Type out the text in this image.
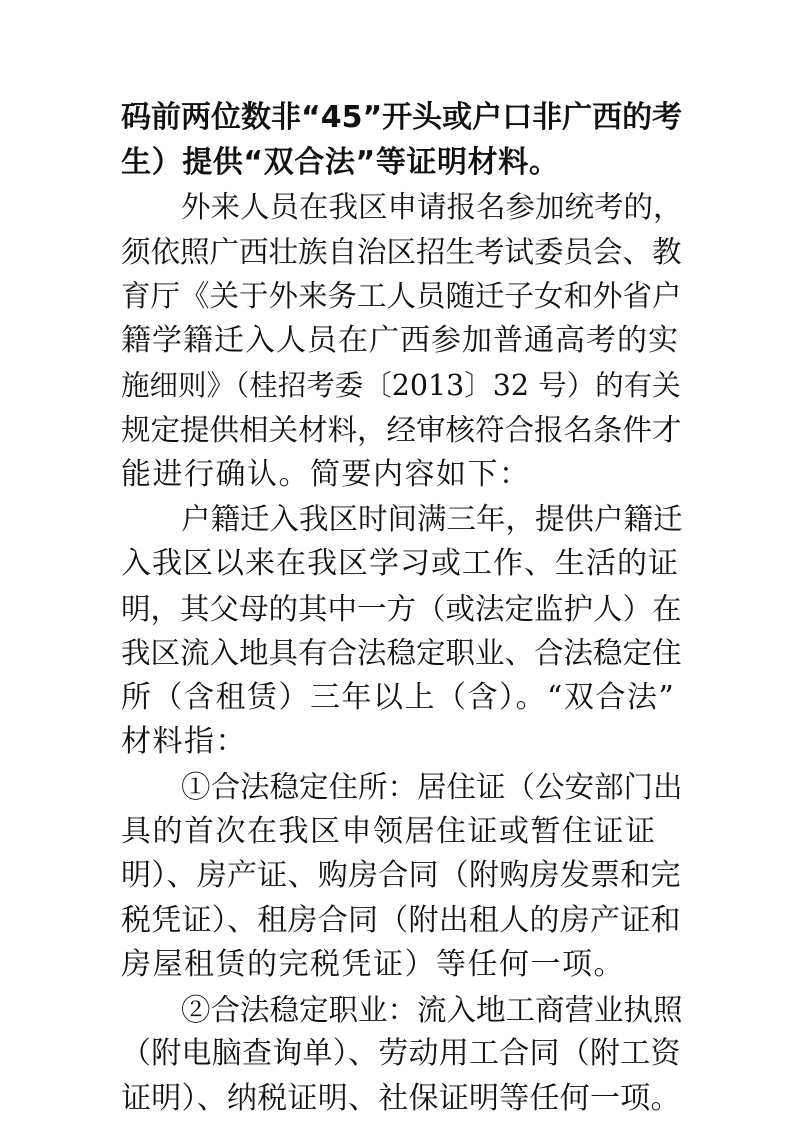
码前两位数非“45”开头或户口非广西的考
生）提供“双合法”等证明材料。
外来人员在我区申请报名参加统考的，
须依照广西壮族自治区招生考试委员会、教
育厅《关于外来务工人员随迁子女和外省户
籍学籍迁入人员在广西参加普通高考的实
施细则》（桂招考委〔2013〕32 号）的有关
规定提供相关材料，经审核符合报名条件才
能进行确认。简要内容如下：
户籍迁入我区时间满三年，提供户籍迁
入我区以来在我区学习或工作、生活的证
明，其父母的其中一方（或法定监护人）在
我区流入地具有合法稳定职业、合法稳定住
所（含租赁）三年以上（含）。“双合法”
材料指：
①合法稳定住所：居住证（公安部门出
具的首次在我区申领居住证或暂住证证
明）、房产证、购房合同（附购房发票和完
税凭证）、租房合同（附出租人的房产证和
房屋租赁的完税凭证）等任何一项。
②合法稳定职业：流入地工商营业执照
（附电脑查询单）、劳动用工合同（附工资
证明）、纳税证明、社保证明等任何一项。
